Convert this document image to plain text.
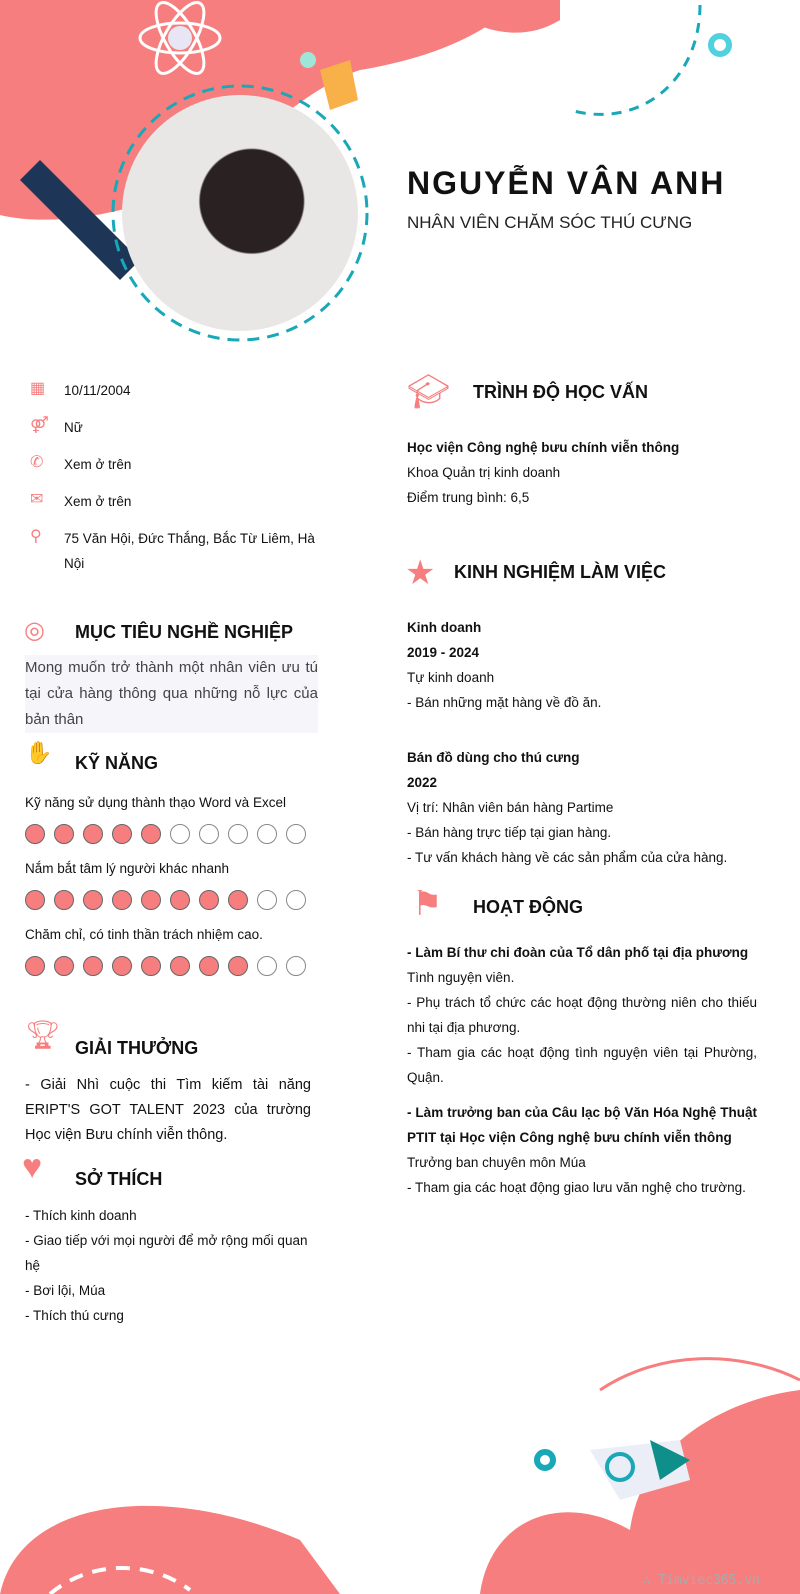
NGUYỄN VÂN ANH
NHÂN VIÊN CHĂM SÓC THÚ CƯNG
▦	10/11/2004
⚤	Nữ
✆	Xem ở trên
✉	Xem ở trên
⚲	75 Văn Hội, Đức Thắng, Bắc Từ Liêm, Hà Nội
◎ MỤC TIÊU NGHỀ NGHIỆP
Mong muốn trở thành một nhân viên ưu tú tại cửa hàng thông qua những nỗ lực của bản thân
✋ KỸ NĂNG
Kỹ năng sử dụng thành thạo Word và Excel
Nắm bắt tâm lý người khác nhanh
Chăm chỉ, có tinh thần trách nhiệm cao.
🏆︎ GIẢI THƯỞNG
- Giải Nhì cuộc thi Tìm kiếm tài năng ERIPT'S GOT TALENT 2023 của trường Học viện Bưu chính viễn thông.
♥ SỞ THÍCH
- Thích kinh doanh
- Giao tiếp với mọi người để mở rộng mối quan hệ
- Bơi lội, Múa
- Thích thú cưng
🎓︎ TRÌNH ĐỘ HỌC VẤN
Học viện Công nghệ bưu chính viễn thông
Khoa Quản trị kinh doanh
Điểm trung bình: 6,5
★ KINH NGHIỆM LÀM VIỆC
Kinh doanh
2019 - 2024
Tự kinh doanh
- Bán những mặt hàng về đồ ăn.
Bán đồ dùng cho thú cưng
2022
Vị trí: Nhân viên bán hàng Partime
- Bán hàng trực tiếp tại gian hàng.
- Tư vấn khách hàng về các sản phẩm của cửa hàng.
⚑ HOẠT ĐỘNG
- Làm Bí thư chi đoàn của Tổ dân phố tại địa phương
Tình nguyện viên.
- Phụ trách tổ chức các hoạt động thường niên cho thiếu nhi tại địa phương.
- Tham gia các hoạt động tình nguyện viên tại Phường, Quận.
- Làm trưởng ban của Câu lạc bộ Văn Hóa Nghệ Thuật PTIT tại Học viện Công nghệ bưu chính viễn thông
Trưởng ban chuyên môn Múa
- Tham gia các hoạt động giao lưu văn nghệ cho trường.
∴ Timviec365.vn
